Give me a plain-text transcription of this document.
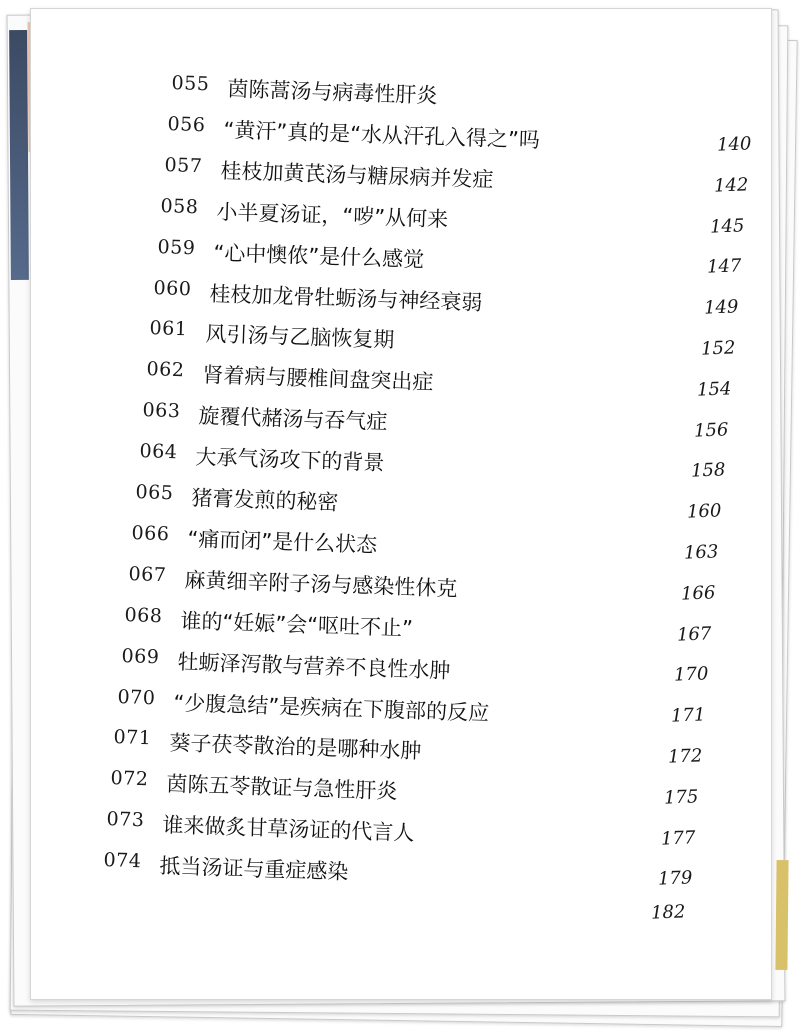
055 茵陈蒿汤与病毒性肝炎
056 “黄汗”真的是“水从汗孔入得之”吗	140
057 桂枝加黄芪汤与糖尿病并发症	142
058 小半夏汤证，“哕”从何来	145
059 “心中懊侬”是什么感觉	147
060 桂枝加龙骨牡蛎汤与神经衰弱	149
061 风引汤与乙脑恢复期	152
062 肾着病与腰椎间盘突出症	154
063 旋覆代赭汤与吞气症	156
064 大承气汤攻下的背景	158
065 猪膏发煎的秘密	160
066 “痛而闭”是什么状态	163
067 麻黄细辛附子汤与感染性休克	166
068 谁的“妊娠”会“呕吐不止”	167
069 牡蛎泽泻散与营养不良性水肿	170
070 “少腹急结”是疾病在下腹部的反应	171
071 葵子茯苓散治的是哪种水肿	172
072 茵陈五苓散证与急性肝炎	175
073 谁来做炙甘草汤证的代言人	177
074 抵当汤证与重症感染	179
182
